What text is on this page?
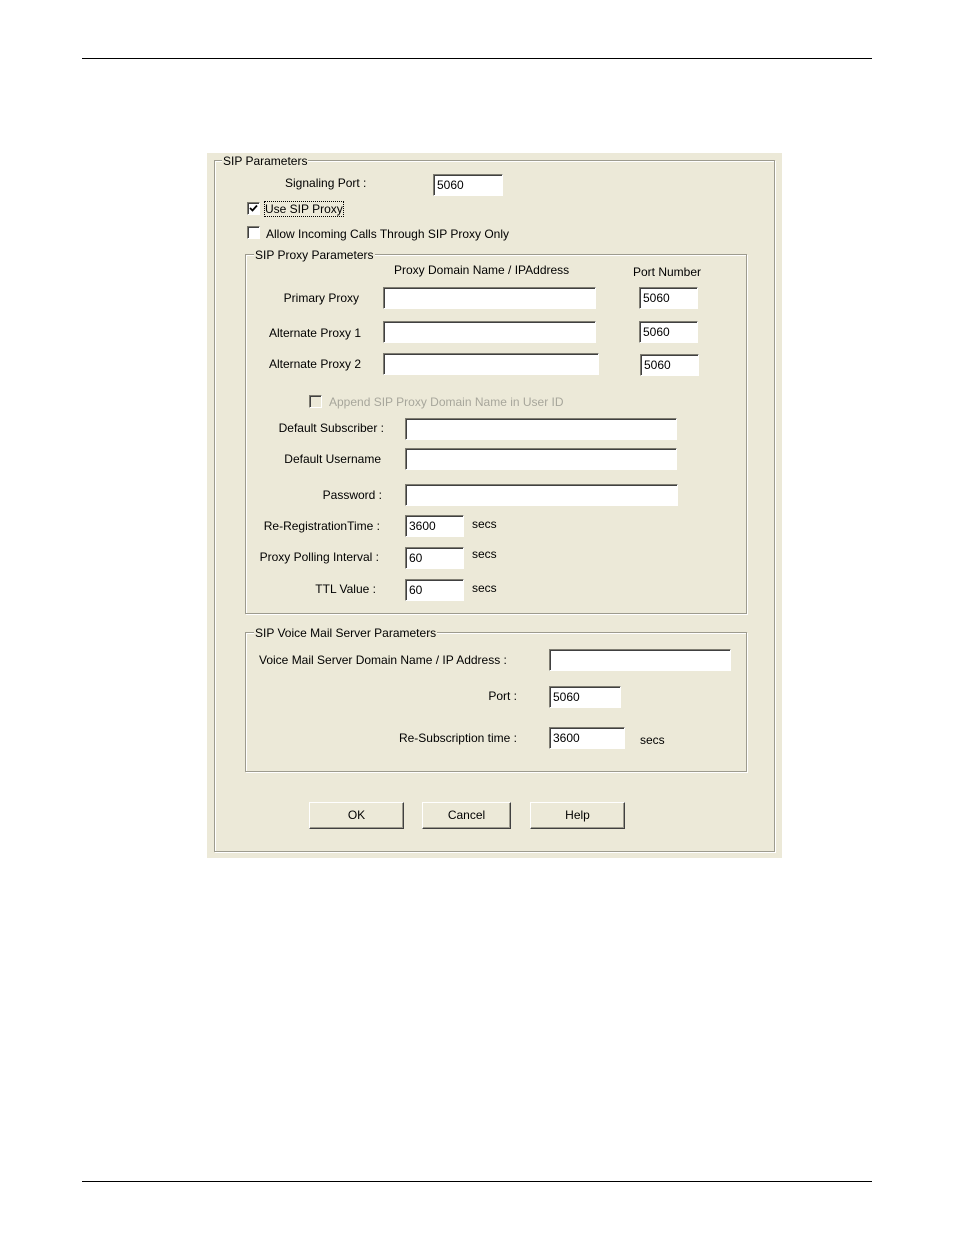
SIP Parameters
Signaling Port :	5060
Use SIP Proxy
Allow Incoming Calls Through SIP Proxy Only
SIP Proxy Parameters
Proxy Domain Name / IPAddress	Port Number
Primary Proxy	5060
Alternate Proxy 1	5060
Alternate Proxy 2	5060
Append SIP Proxy Domain Name in User ID
Default Subscriber :
Default Username
Password :
Re-RegistrationTime :	3600	secs
Proxy Polling Interval :	60	secs
TTL Value :	60	secs
SIP Voice Mail Server Parameters
Voice Mail Server Domain Name / IP Address :
Port :	5060
Re-Subscription time :	3600	secs
OK	Cancel	Help
